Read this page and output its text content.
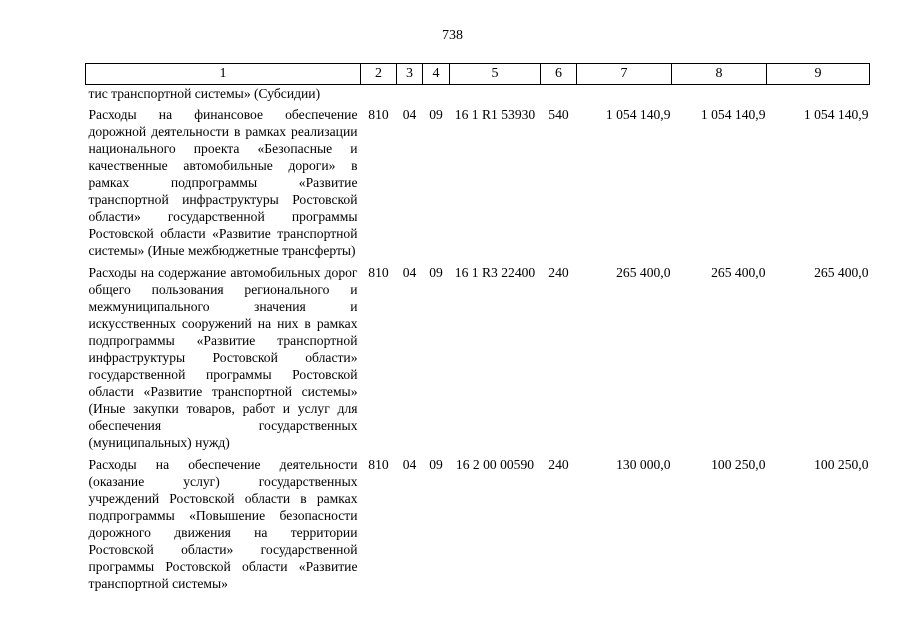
738
1	2	3	4	5	6	7	8	9
тис транспортной системы» (Субсидии)								
Расходы на финансовое обеспечение дорожной деятельности в рамках реализации национального проекта «Безопасные и качественные автомобильные дороги» в рамках подпрограммы «Развитие транспортной инфраструктуры Ростовской области» государственной программы Ростовской области «Развитие транспортной системы» (Иные межбюджетные трансферты)	810	04	09	16 1 R1 53930	540	1 054 140,9	1 054 140,9	1 054 140,9
Расходы на содержание автомобильных дорог общего пользования регионального и межмуниципального значения и искусственных сооружений на них в рамках подпрограммы «Развитие транспортной инфраструктуры Ростовской области» государственной программы Ростовской области «Развитие транспортной системы» (Иные закупки товаров, работ и услуг для обеспечения государственных (муниципальных) нужд)	810	04	09	16 1 R3 22400	240	265 400,0	265 400,0	265 400,0
Расходы на обеспечение деятельности (оказание услуг) государственных учреждений Ростовской области в рамках подпрограммы «Повышение безопасности дорожного движения на территории Ростовской области» государственной программы Ростовской области «Развитие транспортной системы»	810	04	09	16 2 00 00590	240	130 000,0	100 250,0	100 250,0
